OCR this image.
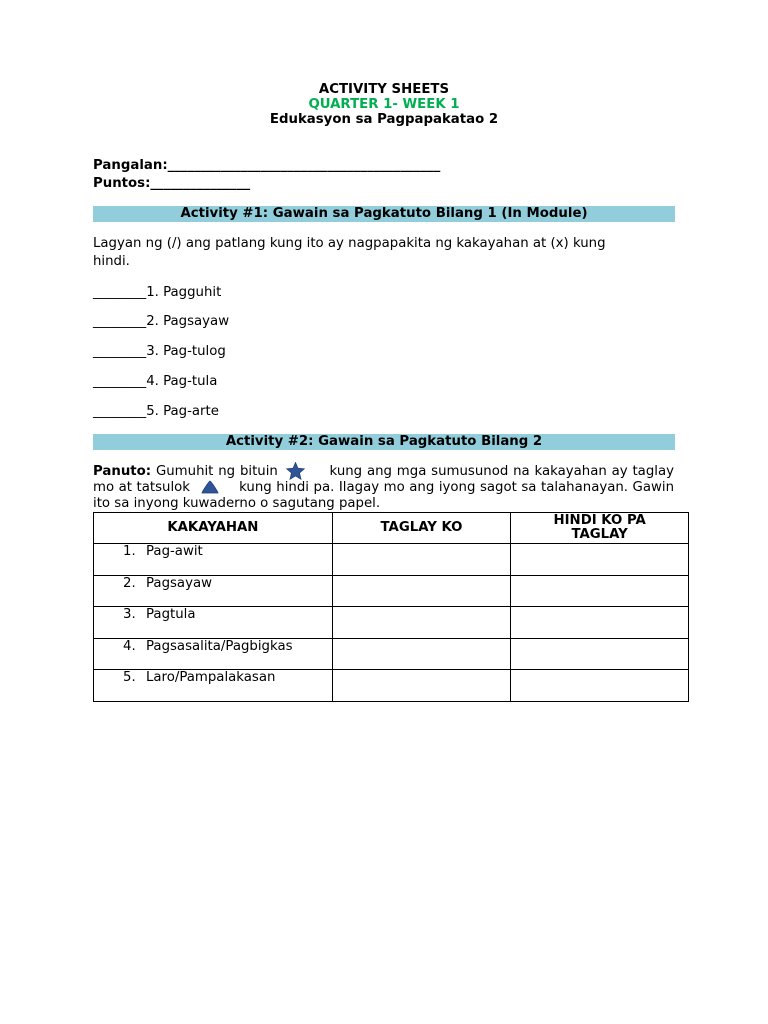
ACTIVITY SHEETS
QUARTER 1- WEEK 1
Edukasyon sa Pagpapakatao 2
Pangalan:_________________________________________
Puntos:_______________
Activity #1: Gawain sa Pagkatuto Bilang 1 (In Module)
Lagyan ng (/) ang patlang kung ito ay nagpapakita ng kakayahan at (x) kung
hindi.
________1. Pagguhit
________2. Pagsayaw
________3. Pag-tulog
________4. Pag-tula
________5. Pag-arte
Activity #2: Gawain sa Pagkatuto Bilang 2
Panuto: Gumuhit ng bituin	kung ang mga sumusunod na kakayahan ay taglay mo at tatsulok	kung hindi pa. Ilagay mo ang iyong sagot sa talahanayan. Gawin ito sa inyong kuwaderno o sagutang papel.
KAKAYAHAN	TAGLAY KO	HINDI KO PA TAGLAY

1. Pag-awit		

2. Pagsayaw		

3. Pagtula		

4. Pagsasalita/Pagbigkas		

5. Laro/Pampalakasan		
